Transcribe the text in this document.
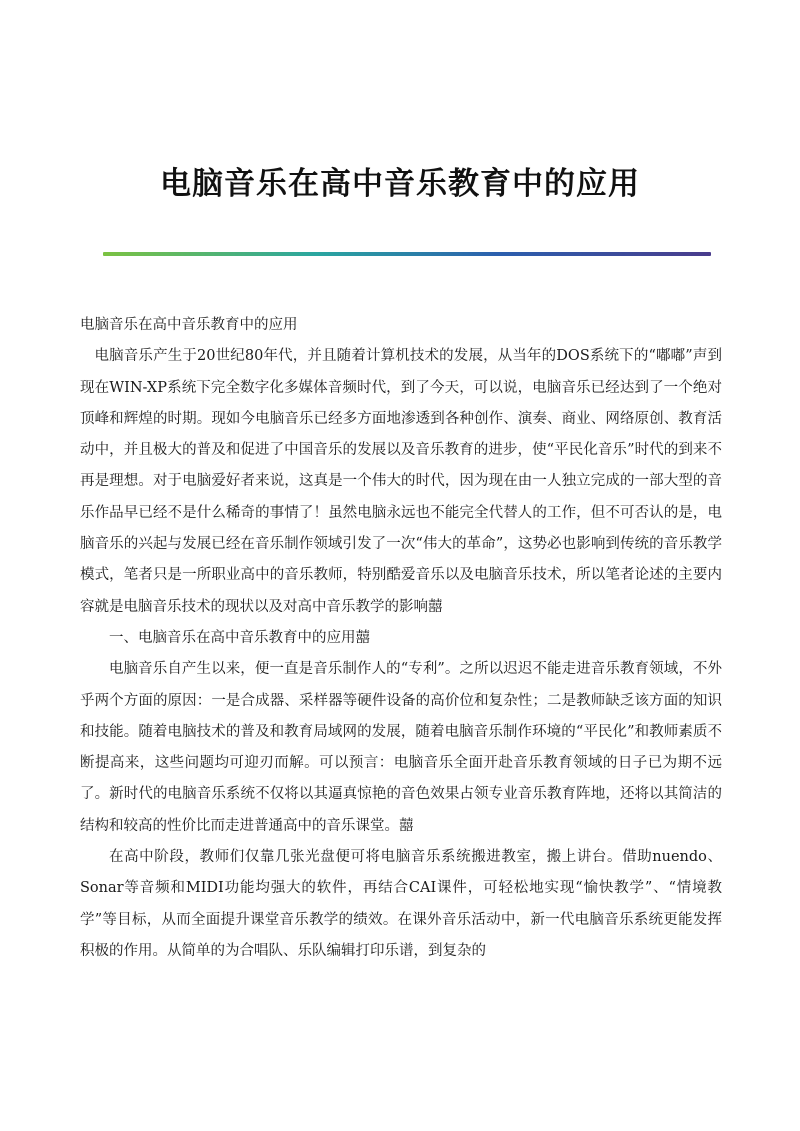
电脑音乐在高中音乐教育中的应用

电脑音乐在高中音乐教育中的应用

电脑音乐产生于20世纪80年代，并且随着计算机技术的发展，从当年的DOS系统下的“嘟嘟”声到现在WIN-XP系统下完全数字化多媒体音频时代，到了今天，可以说，电脑音乐已经达到了一个绝对顶峰和辉煌的时期。现如今电脑音乐已经多方面地渗透到各种创作、演奏、商业、网络原创、教育活动中，并且极大的普及和促进了中国音乐的发展以及音乐教育的进步，使“平民化音乐”时代的到来不再是理想。对于电脑爱好者来说，这真是一个伟大的时代，因为现在由一人独立完成的一部大型的音乐作品早已经不是什么稀奇的事情了！虽然电脑永远也不能完全代替人的工作，但不可否认的是，电脑音乐的兴起与发展已经在音乐制作领域引发了一次“伟大的革命”，这势必也影响到传统的音乐教学模式，笔者只是一所职业高中的音乐教师，特别酷爱音乐以及电脑音乐技术，所以笔者论述的主要内容就是电脑音乐技术的现状以及对高中音乐教学的影响囍

一、电脑音乐在高中音乐教育中的应用囍

电脑音乐自产生以来，便一直是音乐制作人的“专利”。之所以迟迟不能走进音乐教育领域，不外乎两个方面的原因：一是合成器、采样器等硬件设备的高价位和复杂性；二是教师缺乏该方面的知识和技能。随着电脑技术的普及和教育局域网的发展，随着电脑音乐制作环境的“平民化”和教师素质不断提高来，这些问题均可迎刃而解。可以预言：电脑音乐全面开赴音乐教育领域的日子已为期不远了。新时代的电脑音乐系统不仅将以其逼真惊艳的音色效果占领专业音乐教育阵地，还将以其简洁的结构和较高的性价比而走进普通高中的音乐课堂。囍

在高中阶段，教师们仅靠几张光盘便可将电脑音乐系统搬进教室，搬上讲台。借助nuendo、Sonar等音频和MIDI功能均强大的软件，再结合CAI课件，可轻松地实现“愉快教学”、“情境教学”等目标，从而全面提升课堂音乐教学的绩效。在课外音乐活动中，新一代电脑音乐系统更能发挥积极的作用。从简单的为合唱队、乐队编辑打印乐谱，到复杂的
